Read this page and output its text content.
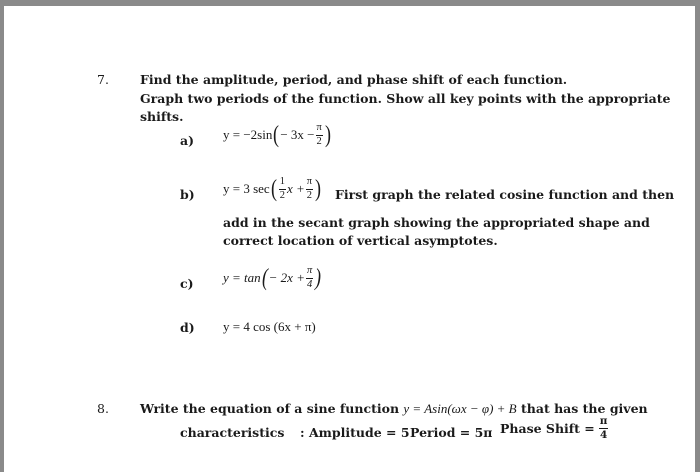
7. Find the amplitude, period, and phase shift of each function.
Graph two periods of the function. Show all key points with the appropriate
shifts.
a) y = −2sin ( − $3x - \frac{\pi}{2}$ )
b) y = 3 sec ( $\frac{1}{2}$ $x + \frac{\pi}{2}$ ) First graph the related cosine function and then
add in the secant graph showing the appropriated shape and
correct location of vertical asymptotes.
c) y = tan ( − $2x + \frac{\pi}{4}$ )
d) y = 4 cos (6x + π)
8. Write the equation of a sine function y = Asin(ωx − φ) + B that has the given
characteristics : Amplitude = 5 Period = 5π Phase Shift = $\frac{\pi}{4}$
